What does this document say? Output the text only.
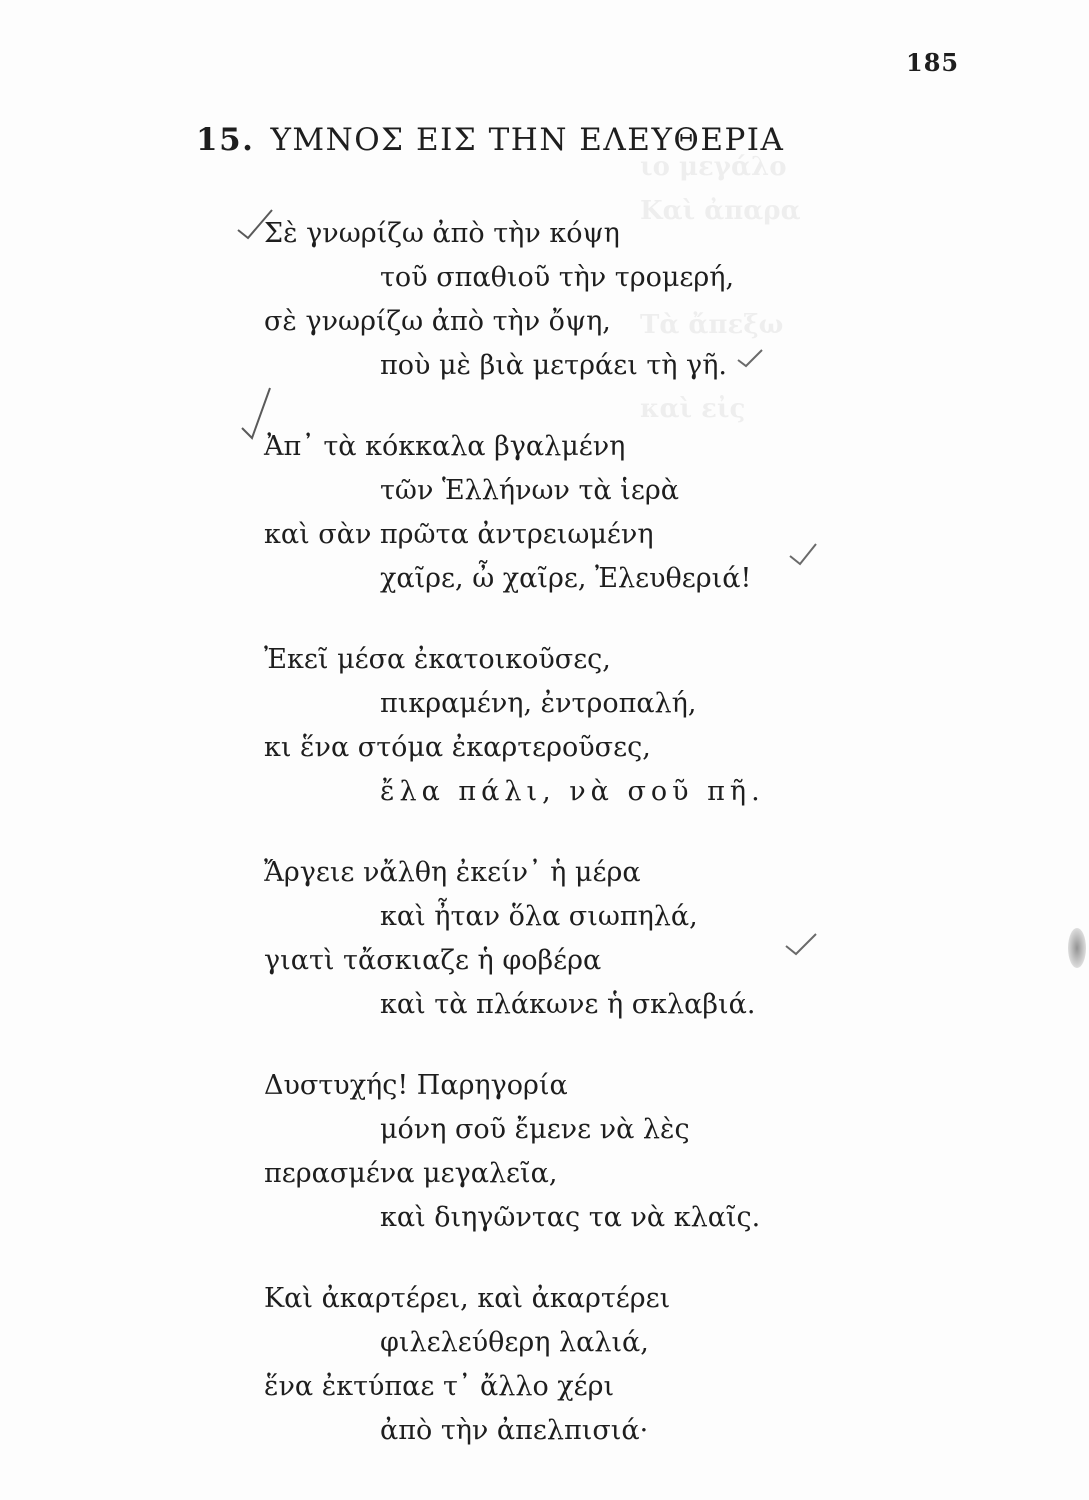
ιο μεγάλο
Καὶ ἀπαρα
Τὰ ἄπεξω
καὶ εἰς
185
15. ΥΜΝΟΣ ΕΙΣ ΤΗΝ ΕΛΕΥΘΕΡΙΑ
Σὲ γνωρίζω ἀπὸ τὴν κόψη
τοῦ σπαθιοῦ τὴν τρομερή,
σὲ γνωρίζω ἀπὸ τὴν ὄψη,
ποὺ μὲ βιὰ μετράει τὴ γῆ.
Ἀπ᾿ τὰ κόκκαλα βγαλμένη
τῶν Ἑλλήνων τὰ ἱερὰ
καὶ σὰν πρῶτα ἀντρειωμένη
χαῖρε, ὦ χαῖρε, Ἐλευθεριά!
Ἐκεῖ μέσα ἐκατοικοῦσες,
πικραμένη, ἐντροπαλή,
κι ἕνα στόμα ἐκαρτεροῦσες,
ἔλα πάλι, νὰ σοῦ πῆ.
Ἄργειε νἄλθη ἐκείν᾿ ἡ μέρα
καὶ ἦταν ὅλα σιωπηλά,
γιατὶ τἄσκιαζε ἡ φοβέρα
καὶ τὰ πλάκωνε ἡ σκλαβιά.
Δυστυχής! Παρηγορία
μόνη σοῦ ἔμενε νὰ λὲς
περασμένα μεγαλεῖα,
καὶ διηγῶντας τα νὰ κλαῖς.
Καὶ ἀκαρτέρει, καὶ ἀκαρτέρει
φιλελεύθερη λαλιά,
ἕνα ἐκτύπαε τ᾿ ἄλλο χέρι
ἀπὸ τὴν ἀπελπισιά·
